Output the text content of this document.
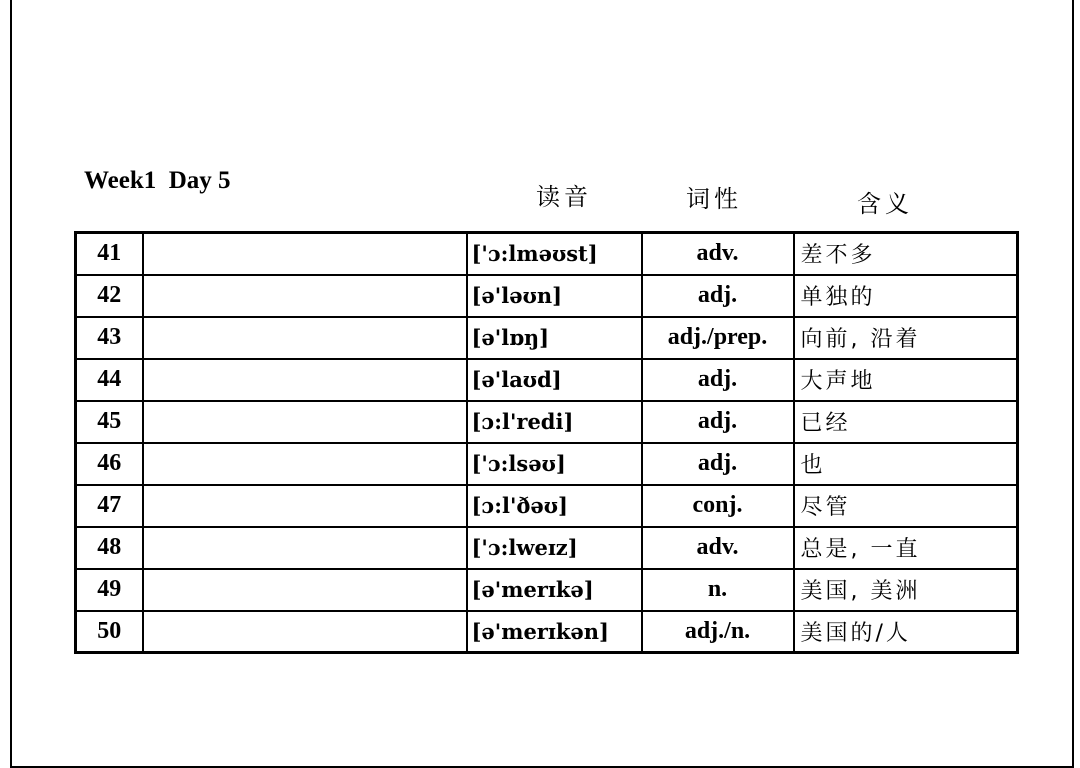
Week1  Day 5
读音	词性	含义
41		['ɔ:lməʊst]	adv.	差不多
42		[ə'ləʊn]	adj.	单独的
43		[ə'lɒŋ]	adj./prep.	向前, 沿着
44		[ə'laʊd]	adj.	大声地
45		[ɔ:l'redi]	adj.	已经
46		['ɔ:lsəʊ]	adj.	也
47		[ɔ:l'ðəʊ]	conj.	尽管
48		['ɔ:lweɪz]	adv.	总是, 一直
49		[ə'merɪkə]	n.	美国, 美洲
50		[ə'merɪkən]	adj./n.	美国的/人
